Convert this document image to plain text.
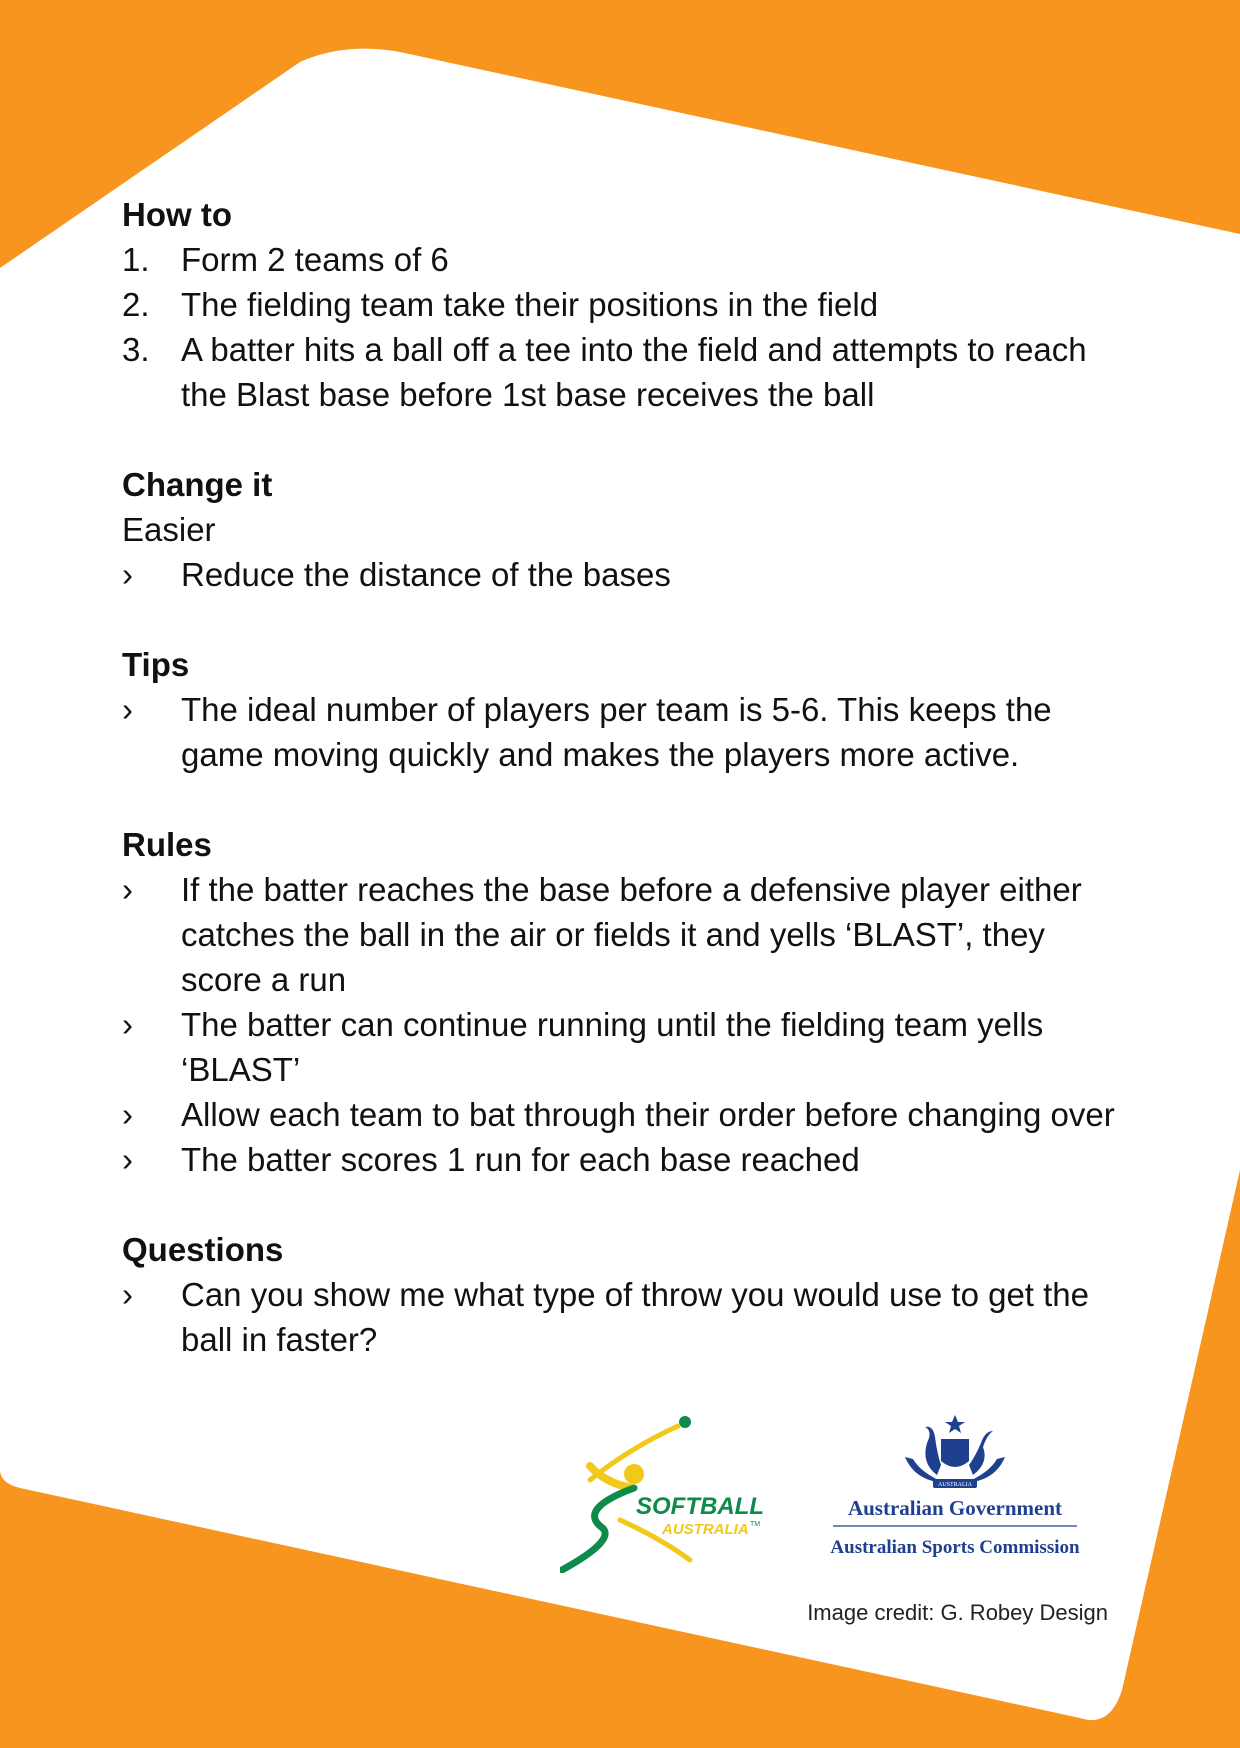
How to
1. Form 2 teams of 6
2. The fielding team take their positions in the field
3. A batter hits a ball off a tee into the field and attempts to reach the Blast base before 1st base receives the ball
Change it

Easier

› Reduce the distance of the bases
Tips
› The ideal number of players per team is 5-6. This keeps the game moving quickly and makes the players more active.
Rules
› If the batter reaches the base before a defensive player either catches the ball in the air or fields it and yells ‘BLAST’, they score a run
› The batter can continue running until the fielding team yells ‘BLAST’
› Allow each team to bat through their order before changing over
› The batter scores 1 run for each base reached
Questions
› Can you show me what type of throw you would use to get the ball in faster?
SOFTBALL
AUSTRALIA TM
AUSTRALIA
Australian Government
Australian Sports Commission
Image credit: G. Robey Design
